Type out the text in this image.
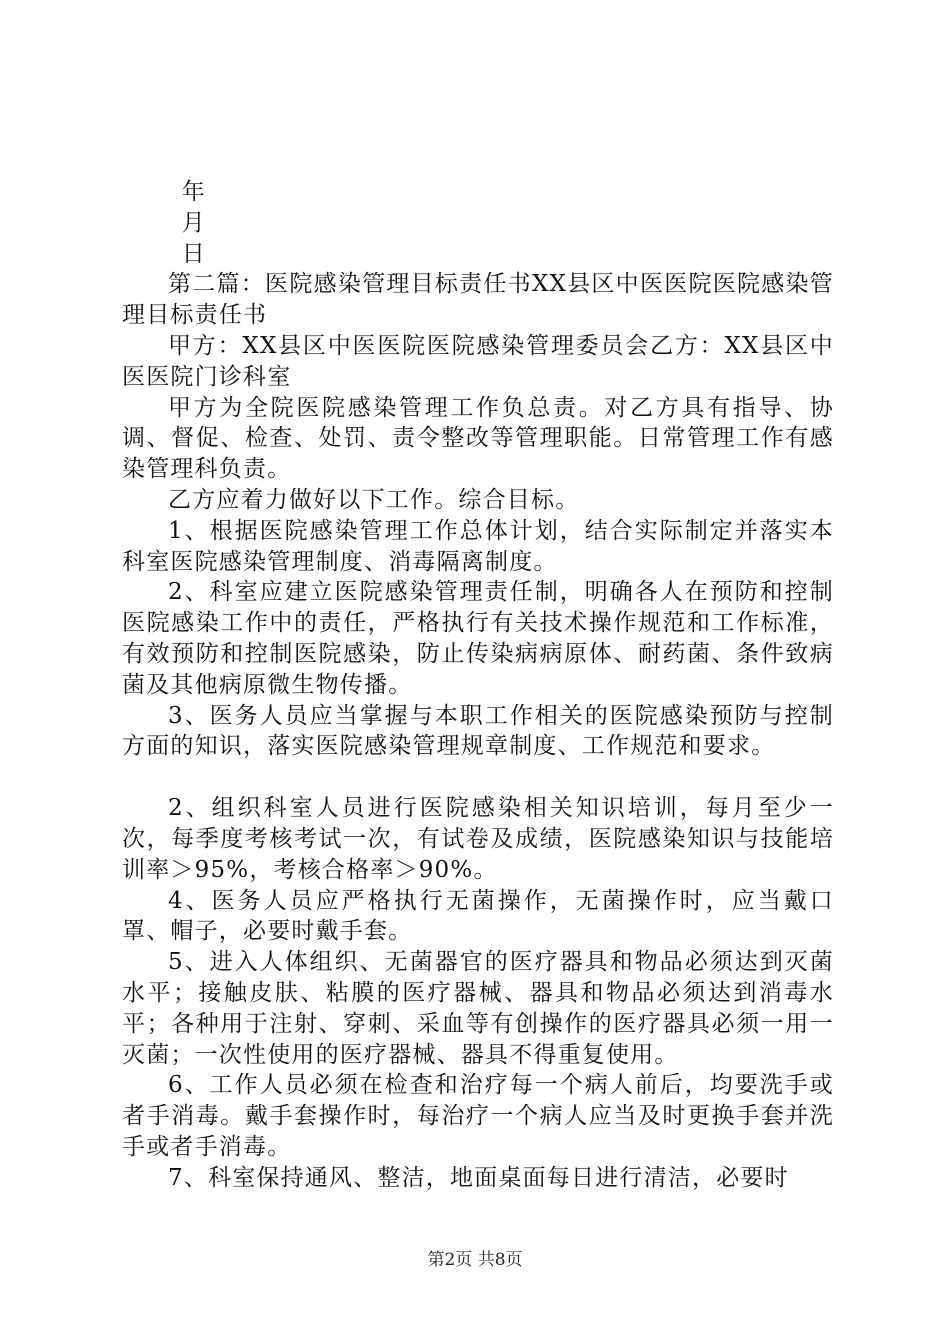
年

月

日

第二篇：医院感染管理目标责任书XX县区中医医院医院感染管理目标责任书

甲方：XX县区中医医院医院感染管理委员会乙方：XX县区中医医院门诊科室

甲方为全院医院感染管理工作负总责。对乙方具有指导、协调、督促、检查、处罚、责令整改等管理职能。日常管理工作有感染管理科负责。

乙方应着力做好以下工作。综合目标。

1、根据医院感染管理工作总体计划，结合实际制定并落实本科室医院感染管理制度、消毒隔离制度。

2、科室应建立医院感染管理责任制，明确各人在预防和控制医院感染工作中的责任，严格执行有关技术操作规范和工作标准，有效预防和控制医院感染，防止传染病病原体、耐药菌、条件致病菌及其他病原微生物传播。

3、医务人员应当掌握与本职工作相关的医院感染预防与控制方面的知识，落实医院感染管理规章制度、工作规范和要求。

2、组织科室人员进行医院感染相关知识培训，每月至少一次，每季度考核考试一次，有试卷及成绩，医院感染知识与技能培训率＞95%，考核合格率＞90%。

4、医务人员应严格执行无菌操作，无菌操作时，应当戴口罩、帽子，必要时戴手套。

5、进入人体组织、无菌器官的医疗器具和物品必须达到灭菌水平；接触皮肤、粘膜的医疗器械、器具和物品必须达到消毒水平；各种用于注射、穿刺、采血等有创操作的医疗器具必须一用一灭菌；一次性使用的医疗器械、器具不得重复使用。

6、工作人员必须在检查和治疗每一个病人前后，均要洗手或者手消毒。戴手套操作时，每治疗一个病人应当及时更换手套并洗手或者手消毒。

7、科室保持通风、整洁，地面桌面每日进行清洁，必要时

第2页 共8页
